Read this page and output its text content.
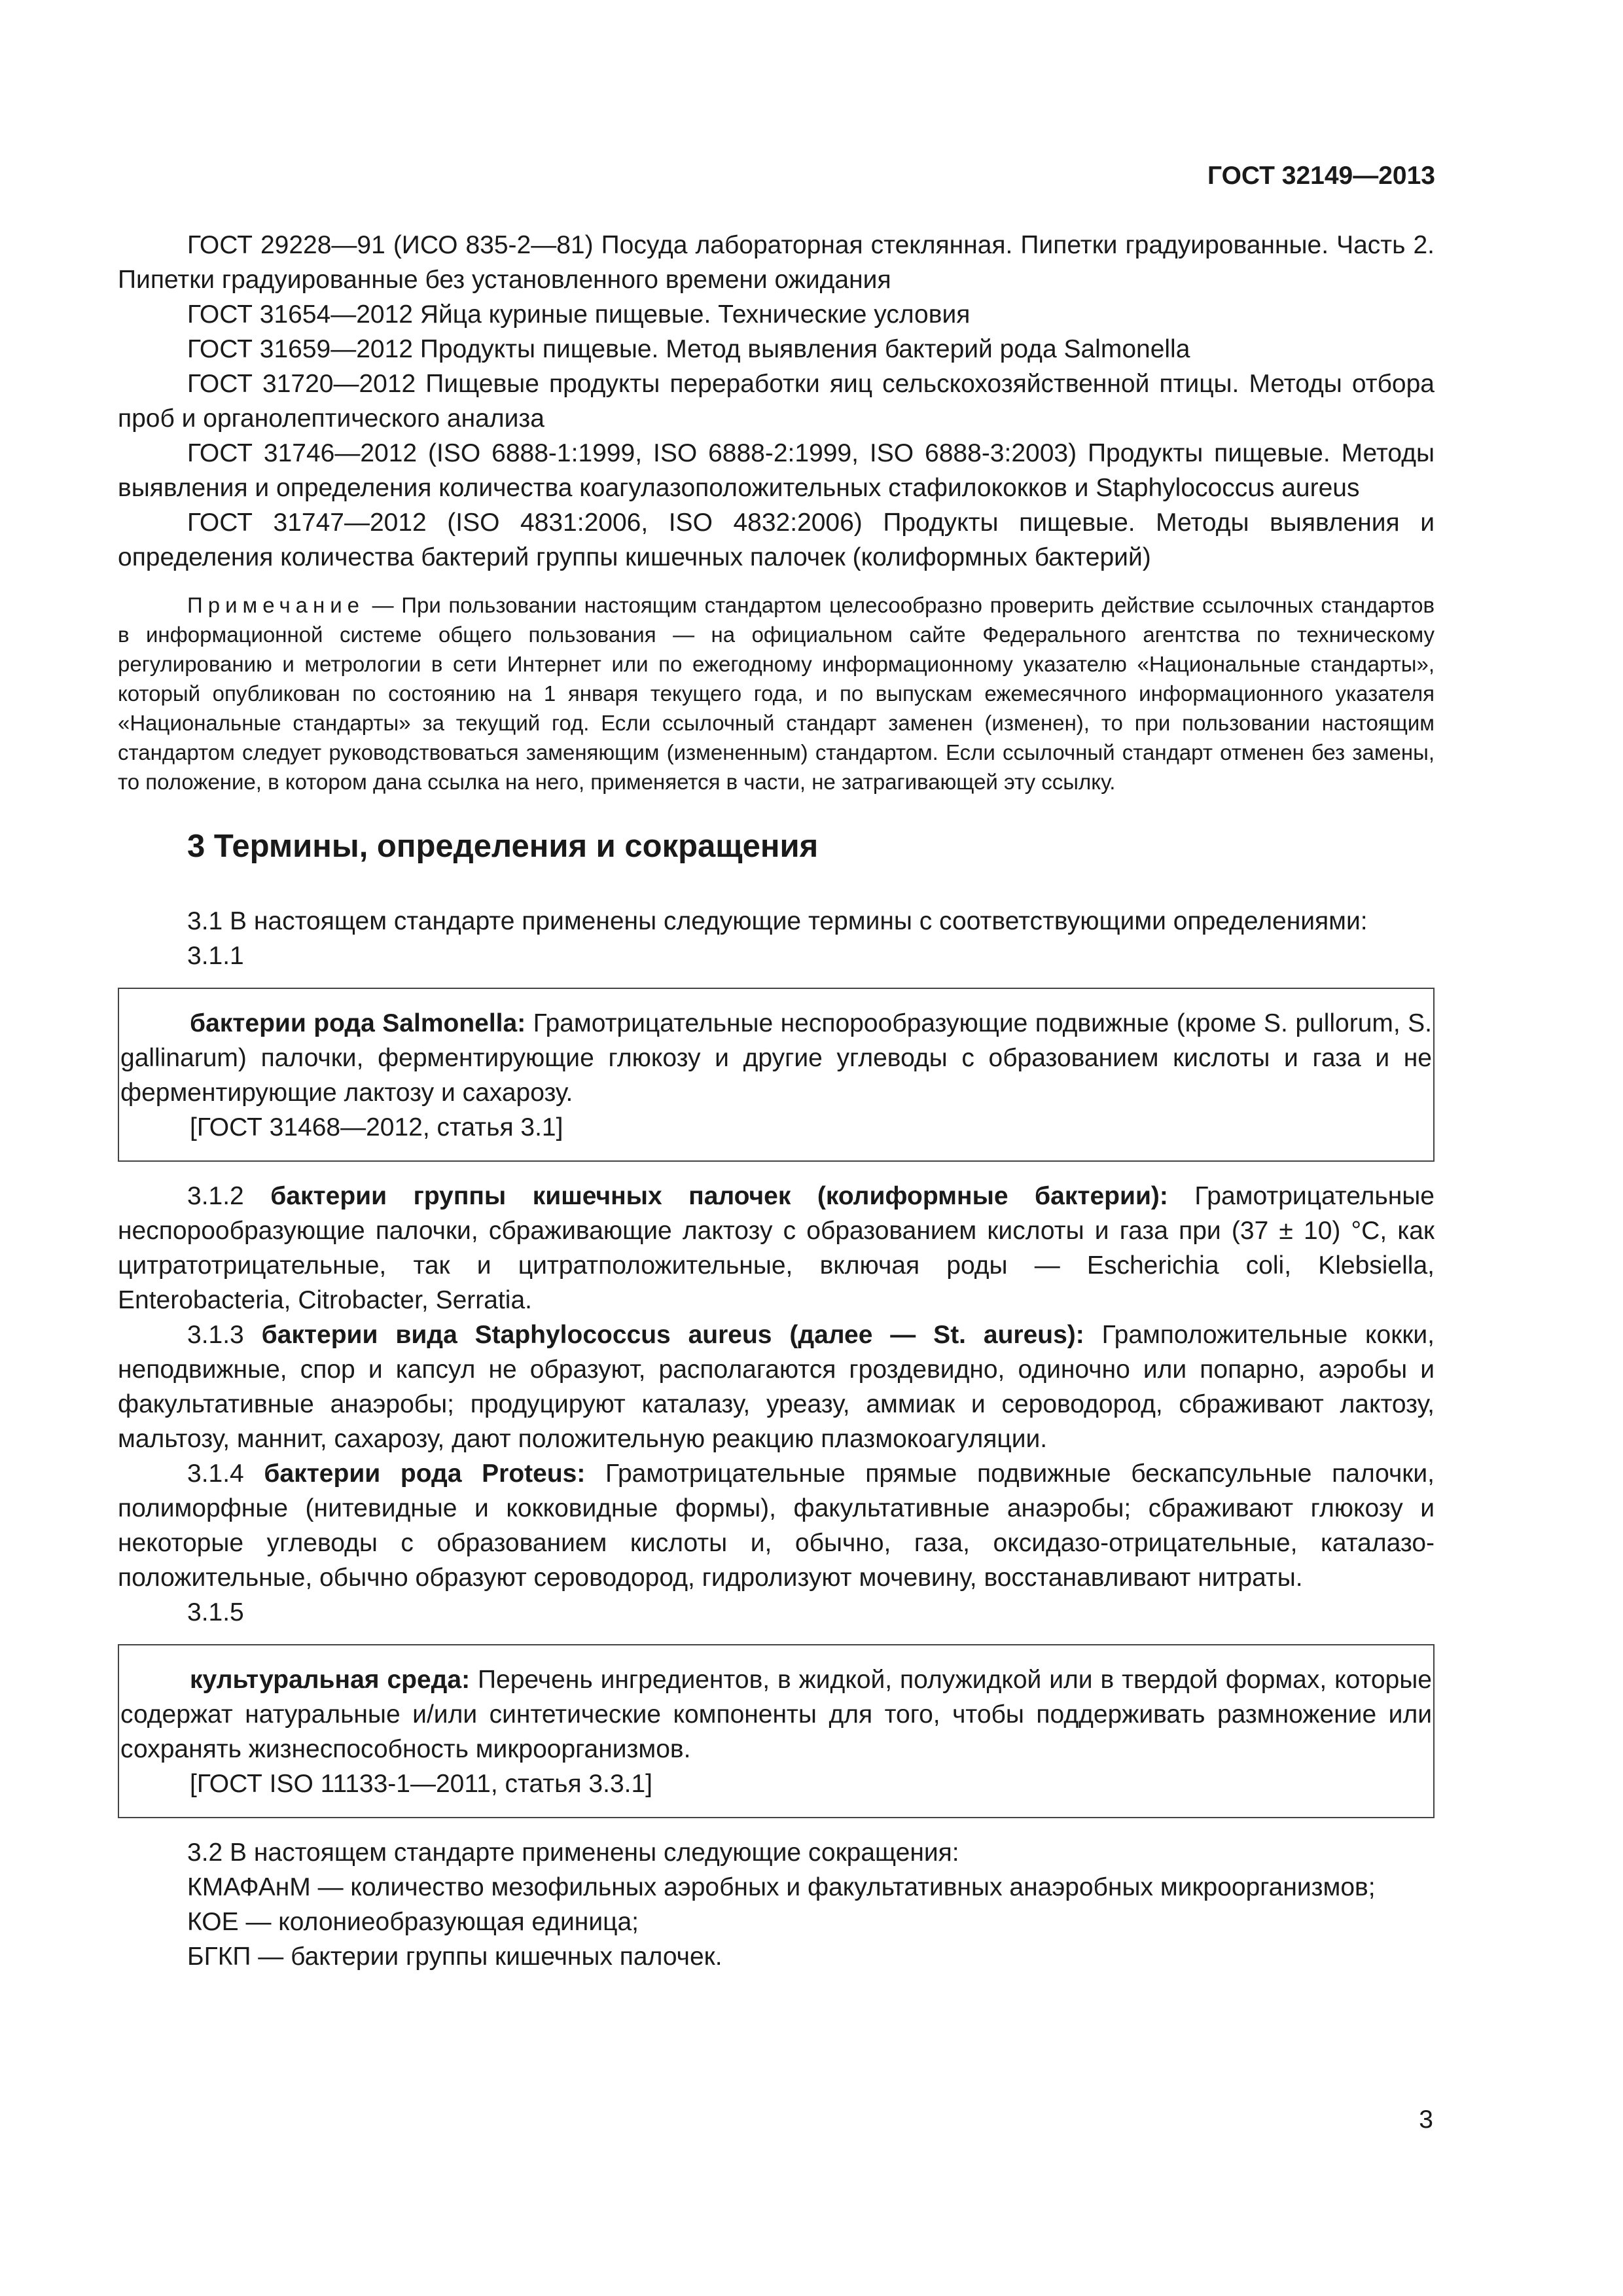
ГОСТ 32149—2013

ГОСТ 29228—91 (ИСО 835-2—81) Посуда лабораторная стеклянная. Пипетки градуированные. Часть 2. Пипетки градуированные без установленного времени ожидания

ГОСТ 31654—2012 Яйца куриные пищевые. Технические условия

ГОСТ 31659—2012 Продукты пищевые. Метод выявления бактерий рода Salmonella

ГОСТ 31720—2012 Пищевые продукты переработки яиц сельскохозяйственной птицы. Методы отбора проб и органолептического анализа

ГОСТ 31746—2012 (ISO 6888-1:1999, ISO 6888-2:1999, ISO 6888-3:2003) Продукты пищевые. Методы выявления и определения количества коагулазоположительных стафилококков и Staphylococcus aureus

ГОСТ 31747—2012 (ISO 4831:2006, ISO 4832:2006) Продукты пищевые. Методы выявления и определения количества бактерий группы кишечных палочек (колиформных бактерий)

Примечание — При пользовании настоящим стандартом целесообразно проверить действие ссылочных стандартов в информационной системе общего пользования — на официальном сайте Федерального агентства по техническому регулированию и метрологии в сети Интернет или по ежегодному информационному указателю «Национальные стандарты», который опубликован по состоянию на 1 января текущего года, и по выпускам ежемесячного информационного указателя «Национальные стандарты» за текущий год. Если ссылочный стандарт заменен (изменен), то при пользовании настоящим стандартом следует руководствоваться заменяющим (измененным) стандартом. Если ссылочный стандарт отменен без замены, то положение, в котором дана ссылка на него, применяется в части, не затрагивающей эту ссылку.

3 Термины, определения и сокращения

3.1 В настоящем стандарте применены следующие термины с соответствующими определениями:

3.1.1

бактерии рода Salmonella: Грамотрицательные неспорообразующие подвижные (кроме S. pullorum, S. gallinarum) палочки, ферментирующие глюкозу и другие углеводы с образованием кислоты и газа и не ферментирующие лактозу и сахарозу.

[ГОСТ 31468—2012, статья 3.1]

3.1.2 бактерии группы кишечных палочек (колиформные бактерии): Грамотрицательные неспорообразующие палочки, сбраживающие лактозу с образованием кислоты и газа при (37 ± 10) °С, как цитратотрицательные, так и цитратположительные, включая роды — Escherichia coli, Klebsiella, Enterobacteria, Citrobacter, Serratia.

3.1.3 бактерии вида Staphylococcus aureus (далее — St. aureus): Грамположительные кокки, неподвижные, спор и капсул не образуют, располагаются гроздевидно, одиночно или попарно, аэробы и факультативные анаэробы; продуцируют каталазу, уреазу, аммиак и сероводород, сбраживают лактозу, мальтозу, маннит, сахарозу, дают положительную реакцию плазмокоагуляции.

3.1.4 бактерии рода Proteus: Грамотрицательные прямые подвижные бескапсульные палочки, полиморфные (нитевидные и кокковидные формы), факультативные анаэробы; сбраживают глюкозу и некоторые углеводы с образованием кислоты и, обычно, газа, оксидазо-отрицательные, каталазо-положительные, обычно образуют сероводород, гидролизуют мочевину, восстанавливают нитраты.

3.1.5

культуральная среда: Перечень ингредиентов, в жидкой, полужидкой или в твердой формах, которые содержат натуральные и/или синтетические компоненты для того, чтобы поддерживать размножение или сохранять жизнеспособность микроорганизмов.

[ГОСТ ISO 11133-1—2011, статья 3.3.1]

3.2 В настоящем стандарте применены следующие сокращения:

КМАФАнМ — количество мезофильных аэробных и факультативных анаэробных микроорганизмов;

КОЕ — колониеобразующая единица;

БГКП — бактерии группы кишечных палочек.

3
